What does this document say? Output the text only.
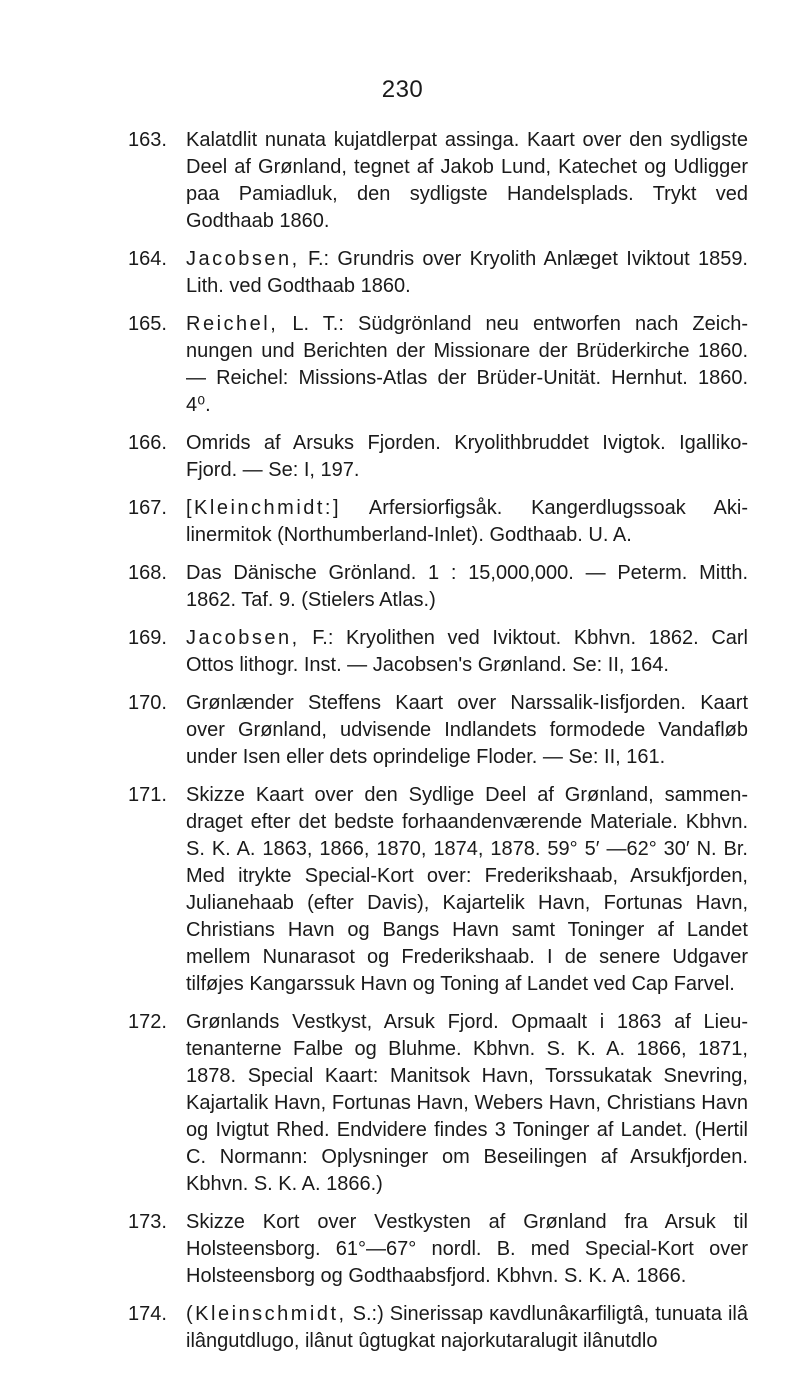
230
163. Kalatdlit nunata kujatdlerpat assinga. Kaart over den sydligste Deel af Grønland, tegnet af Jakob Lund, Katechet og Udligger paa Pamiadluk, den sydligste Handelsplads. Trykt ved Godthaab 1860.
164. Jacobsen, F.: Grundris over Kryolith Anlæget Iviktout 1859. Lith. ved Godthaab 1860.
165. Reichel, L. T.: Südgrönland neu entworfen nach Zeichnungen und Berichten der Missionare der Brüderkirche 1860. — Reichel: Missions-Atlas der Brüder-Unität. Hernhut. 1860. 4⁰.
166. Omrids af Arsuks Fjorden. Kryolithbruddet Ivigtok. Igalliko-Fjord. — Se: I, 197.
167. [Kleinchmidt:] Arfersiorfigsåk. Kangerdlugssoak Akilinermitok (Northumberland-Inlet). Godthaab. U. A.
168. Das Dänische Grönland. 1 : 15,000,000. — Peterm. Mitth. 1862. Taf. 9. (Stielers Atlas.)
169. Jacobsen, F.: Kryolithen ved Iviktout. Kbhvn. 1862. Carl Ottos lithogr. Inst. — Jacobsen's Grønland. Se: II, 164.
170. Grønlænder Steffens Kaart over Narssalik-Iisfjorden. Kaart over Grønland, udvisende Indlandets formodede Vandafløb under Isen eller dets oprindelige Floder. — Se: II, 161.
171. Skizze Kaart over den Sydlige Deel af Grønland, sammendraget efter det bedste forhaandenværende Materiale. Kbhvn. S. K. A. 1863, 1866, 1870, 1874, 1878. 59° 5′ —62° 30′ N. Br. Med itrykte Special-Kort over: Frederikshaab, Arsukfjorden, Julianehaab (efter Davis), Kajartelik Havn, Fortunas Havn, Christians Havn og Bangs Havn samt Toninger af Landet mellem Nunarasot og Frederikshaab. I de senere Udgaver tilføjes Kangarssuk Havn og Toning af Landet ved Cap Farvel.
172. Grønlands Vestkyst, Arsuk Fjord. Opmaalt i 1863 af Lieutenanterne Falbe og Bluhme. Kbhvn. S. K. A. 1866, 1871, 1878. Special Kaart: Manitsok Havn, Torssukatak Snevring, Kajartalik Havn, Fortunas Havn, Webers Havn, Christians Havn og Ivigtut Rhed. Endvidere findes 3 Toninger af Landet. (Hertil C. Normann: Oplysninger om Beseilingen af Arsukfjorden. Kbhvn. S. K. A. 1866.)
173. Skizze Kort over Vestkysten af Grønland fra Arsuk til Holsteensborg. 61°—67° nordl. B. med Special-Kort over Holsteensborg og Godthaabsfjord. Kbhvn. S. K. A. 1866.
174. (Kleinschmidt, S.:) Sinerissap ĸavdlunâĸarfiligtâ, tunuata ilâ ilângutdlugo, ilânut ûgtugkat najorkutaralugit ilânutdlo
